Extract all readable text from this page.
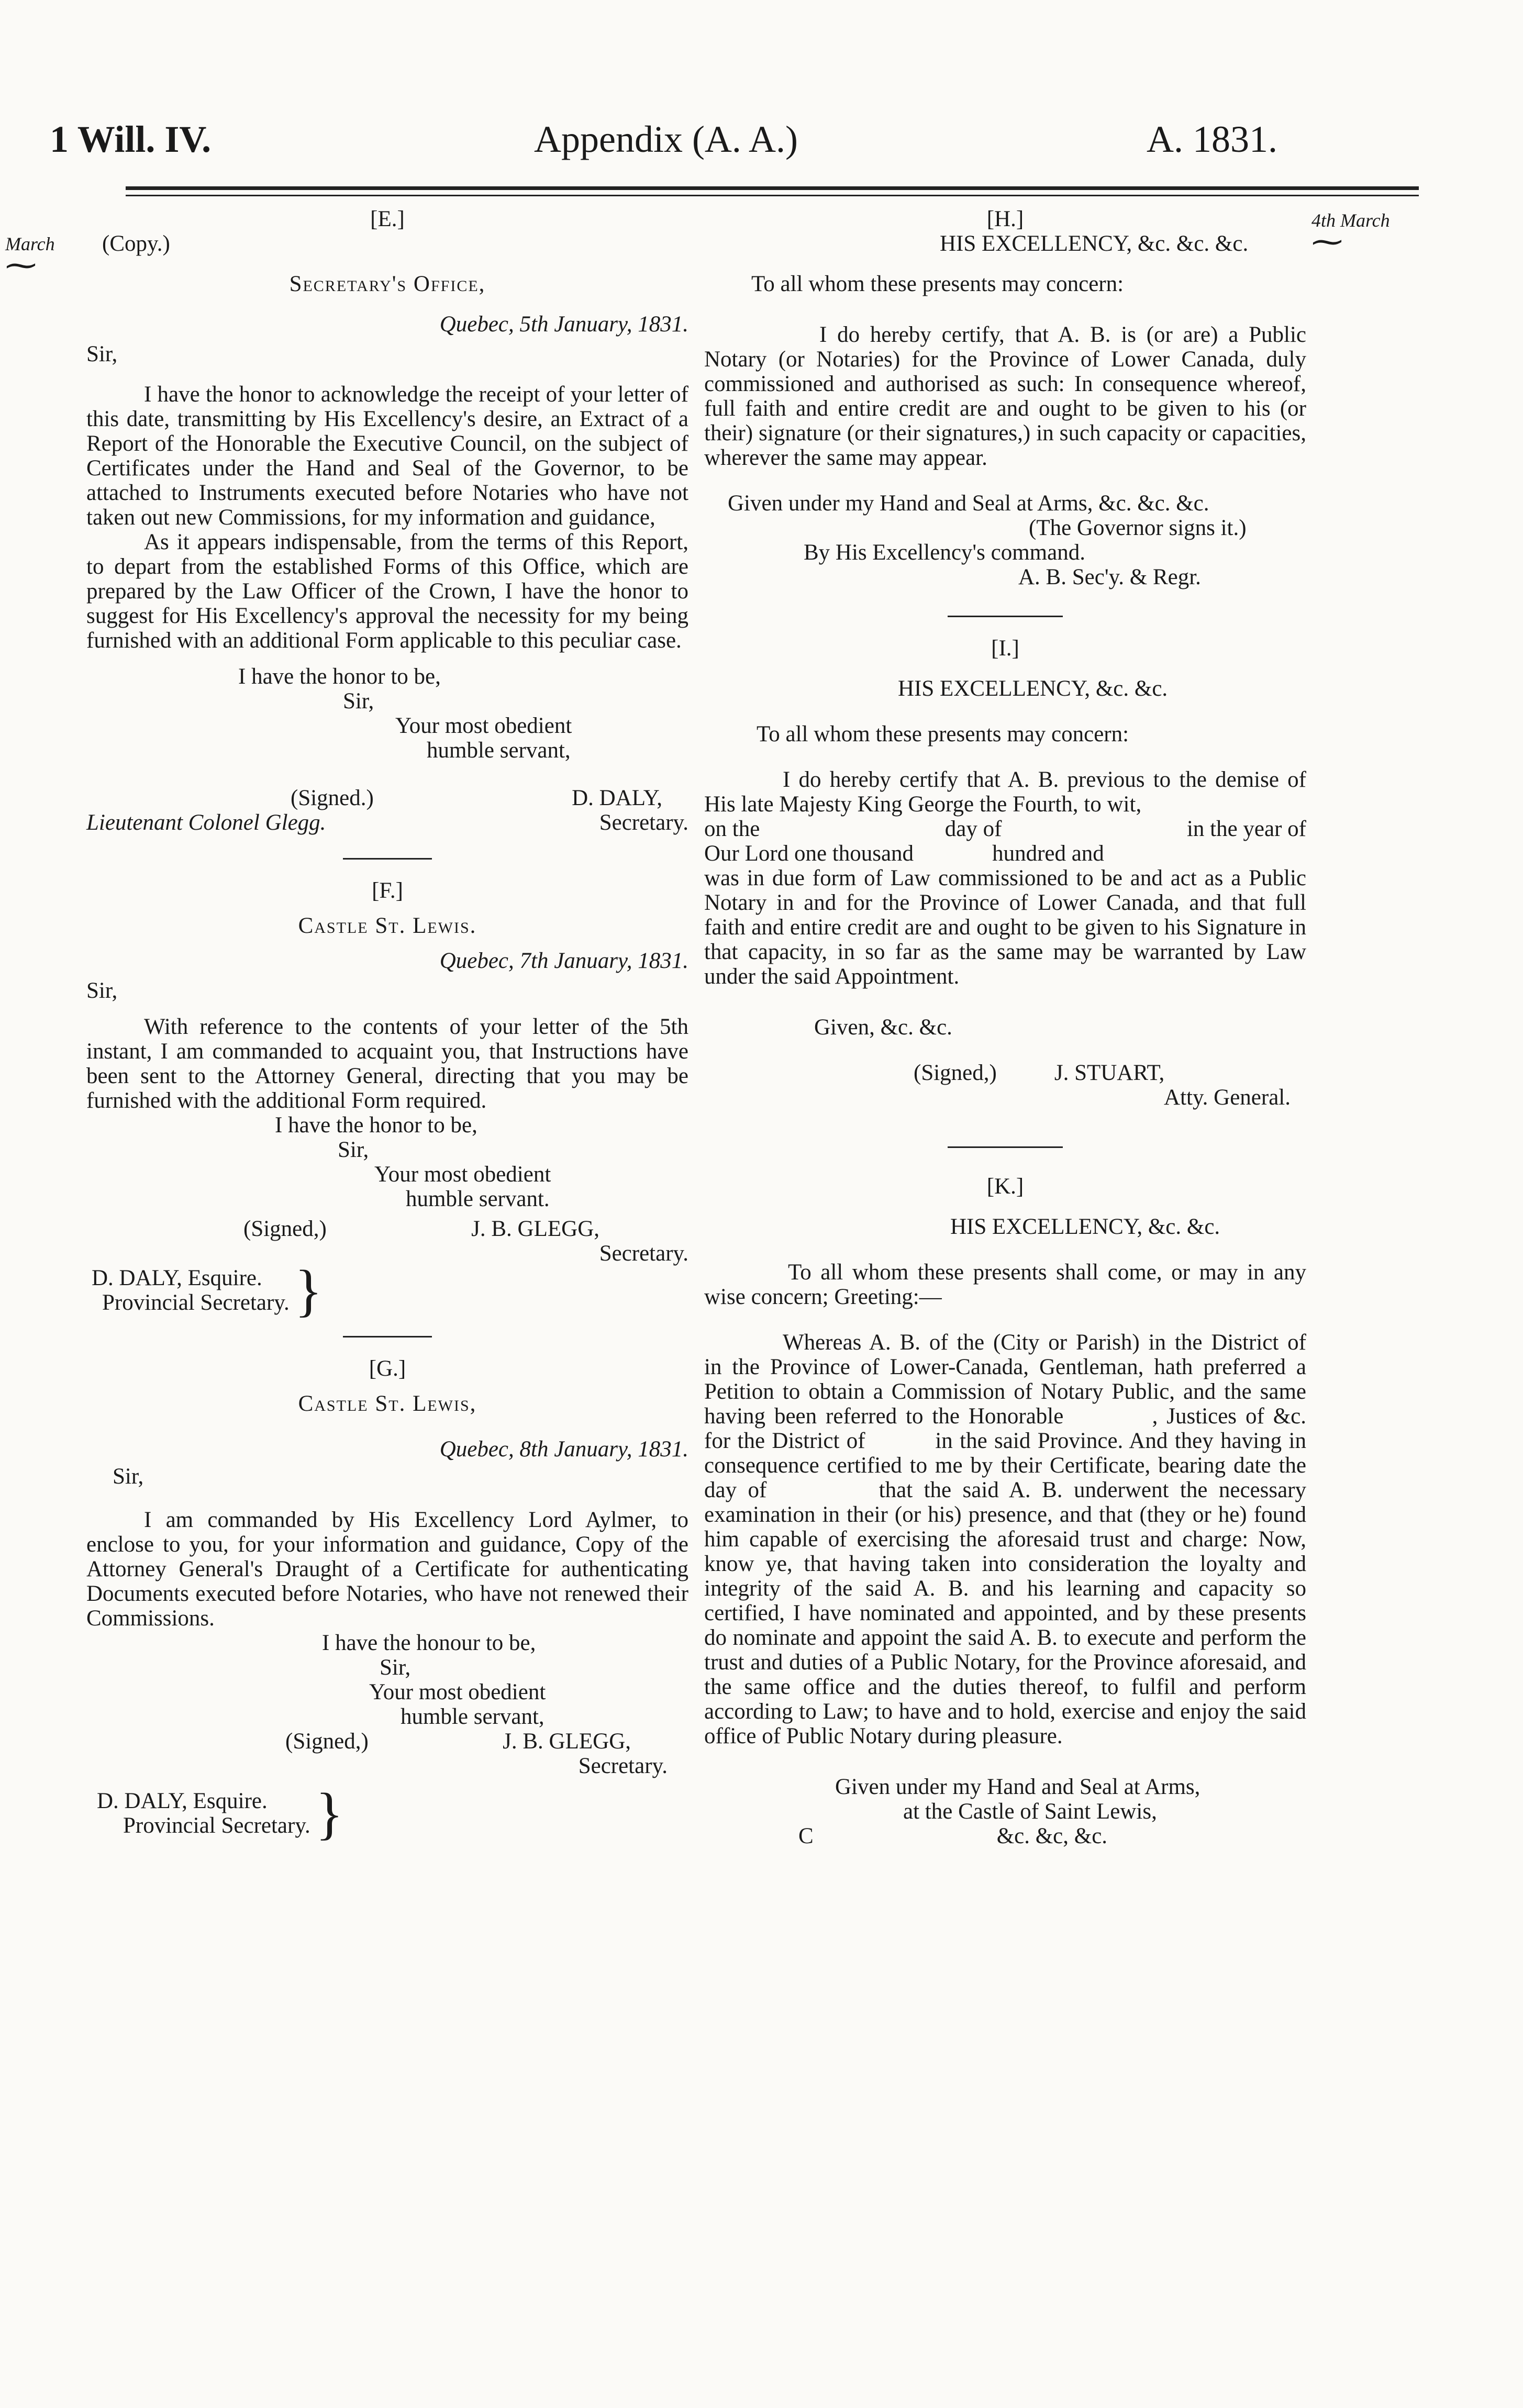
1 Will. IV.	Appendix (A. A.)	A. 1831.
March
⁓
4th March
⁓

[E.]

(Copy.)

Secretary's Office,

Quebec, 5th January, 1831.

Sir,

I have the honor to acknowledge the receipt of your letter of this date, transmitting by His Excellency's desire, an Extract of a Report of the Honorable the Executive Council, on the subject of Certificates under the Hand and Seal of the Governor, to be attached to Instruments executed before Notaries who have not taken out new Commissions, for my information and guidance,

As it appears indispensable, from the terms of this Report, to depart from the established Forms of this Office, which are prepared by the Law Officer of the Crown, I have the honor to suggest for His Excellency's approval the necessity for my being furnished with an additional Form applicable to this peculiar case.

I have the honor to be,

Sir,

Your most obedient

humble servant,

(Signed.)	D. DALY,
Lieutenant Colonel Glegg.	Secretary.

[F.]

Castle St. Lewis.

Quebec, 7th January, 1831.

Sir,

With reference to the contents of your letter of the 5th instant, I am commanded to acquaint you, that Instructions have been sent to the Attorney General, directing that you may be furnished with the additional Form required.

I have the honor to be,

Sir,

Your most obedient

humble servant.

(Signed,)	J. B. GLEGG,

Secretary.

D. DALY, Esquire.
Provincial Secretary. }

[G.]

Castle St. Lewis,

Quebec, 8th January, 1831.

Sir,

I am commanded by His Excellency Lord Aylmer, to enclose to you, for your information and guidance, Copy of the Attorney General's Draught of a Certificate for authenticating Documents executed before Notaries, who have not renewed their Commissions.

I have the honour to be,

Sir,

Your most obedient

humble servant,

(Signed,)	J. B. GLEGG,

Secretary.

D. DALY, Esquire.
Provincial Secretary. }

[H.]

HIS EXCELLENCY, &c. &c. &c.

To all whom these presents may concern:

I do hereby certify, that A. B. is (or are) a Public Notary (or Notaries) for the Province of Lower Canada, duly commissioned and authorised as such: In consequence whereof, full faith and entire credit are and ought to be given to his (or their) signature (or their signatures,) in such capacity or capacities, wherever the same may appear.

Given under my Hand and Seal at Arms, &c. &c. &c.

(The Governor signs it.)

By His Excellency's command.

A. B. Sec'y. & Regr.

[I.]

HIS EXCELLENCY, &c. &c.

To all whom these presents may concern:

I do hereby certify that A. B. previous to the demise of His late Majesty King George the Fourth, to wit,

on the	day of	in the year of
Our Lord one thousand	hundred and

was in due form of Law commissioned to be and act as a Public Notary in and for the Province of Lower Canada, and that full faith and entire credit are and ought to be given to his Signature in that capacity, in so far as the same may be warranted by Law under the said Appointment.

Given, &c. &c.

(Signed,)	J. STUART,

Atty. General.

[K.]

HIS EXCELLENCY, &c. &c.

To all whom these presents shall come, or may in any wise concern; Greeting:—

Whereas A. B. of the (City or Parish) in the District of          in the Province of Lower-Canada, Gentleman, hath preferred a Petition to obtain a Commission of Notary Public, and the same having been referred to the Honorable          , Justices of &c.          for the District of          in the said Province. And they having in consequence certified to me by their Certificate, bearing date the          day of          that the said A. B. underwent the necessary examination in their (or his) presence, and that (they or he) found him capable of exercising the aforesaid trust and charge: Now, know ye, that having taken into consideration the loyalty and integrity of the said A. B. and his learning and capacity so certified, I have nominated and appointed, and by these presents do nominate and appoint the said A. B. to execute and perform the trust and duties of a Public Notary, for the Province aforesaid, and the same office and the duties thereof, to fulfil and perform according to Law; to have and to hold, exercise and enjoy the said office of Public Notary during pleasure.

Given under my Hand and Seal at Arms,

at the Castle of Saint Lewis,

C	&c. &c, &c.
